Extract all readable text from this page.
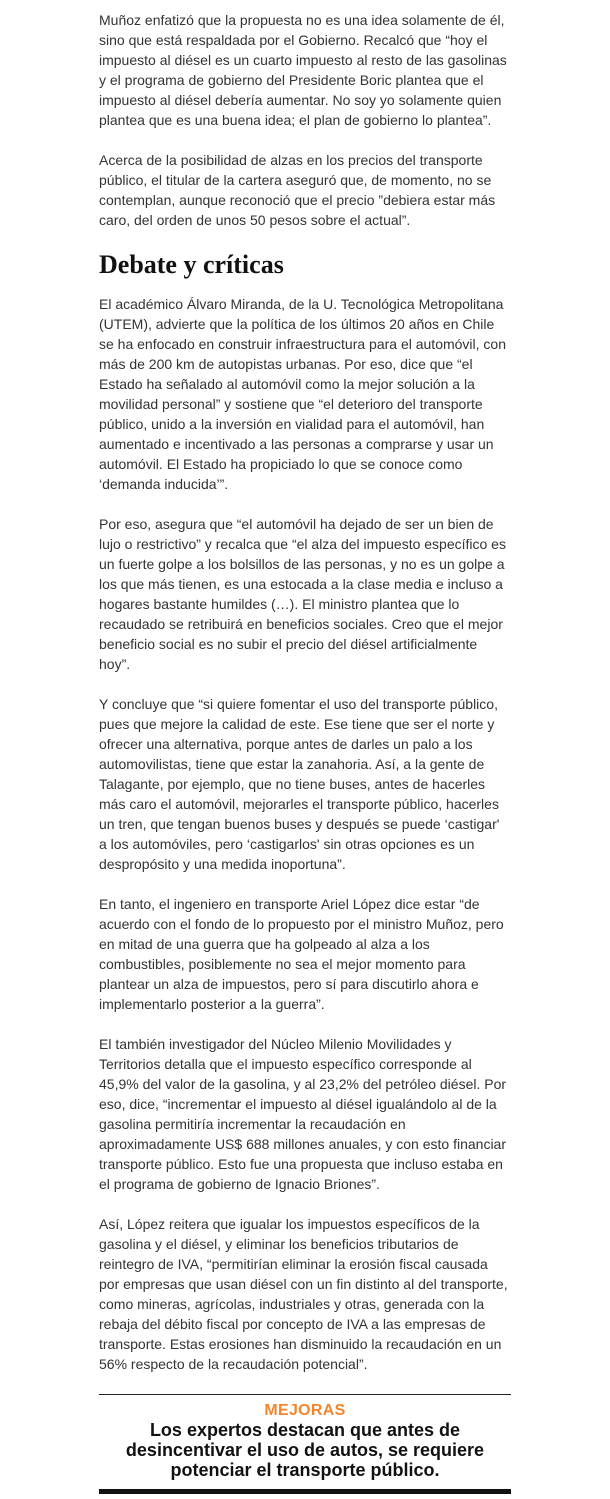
Muñoz enfatizó que la propuesta no es una idea solamente de él, sino que está respaldada por el Gobierno. Recalcó que “hoy el impuesto al diésel es un cuarto impuesto al resto de las gasolinas y el programa de gobierno del Presidente Boric plantea que el impuesto al diésel debería aumentar. No soy yo solamente quien plantea que es una buena idea; el plan de gobierno lo plantea”.

Acerca de la posibilidad de alzas en los precios del transporte público, el titular de la cartera aseguró que, de momento, no se contemplan, aunque reconoció que el precio ”debiera estar más caro, del orden de unos 50 pesos sobre el actual”.

Debate y críticas

El académico Álvaro Miranda, de la U. Tecnológica Metropolitana (UTEM), advierte que la política de los últimos 20 años en Chile se ha enfocado en construir infraestructura para el automóvil, con más de 200 km de autopistas urbanas. Por eso, dice que “el Estado ha señalado al automóvil como la mejor solución a la movilidad personal” y sostiene que “el deterioro del transporte público, unido a la inversión en vialidad para el automóvil, han aumentado e incentivado a las personas a comprarse y usar un automóvil. El Estado ha propiciado lo que se conoce como ‘demanda inducida’”.

Por eso, asegura que “el automóvil ha dejado de ser un bien de lujo o restrictivo” y recalca que “el alza del impuesto específico es un fuerte golpe a los bolsillos de las personas, y no es un golpe a los que más tienen, es una estocada a la clase media e incluso a hogares bastante humildes (…). El ministro plantea que lo recaudado se retribuirá en beneficios sociales. Creo que el mejor beneficio social es no subir el precio del diésel artificialmente hoy”.

Y concluye que “si quiere fomentar el uso del transporte público, pues que mejore la calidad de este. Ese tiene que ser el norte y ofrecer una alternativa, porque antes de darles un palo a los automovilistas, tiene que estar la zanahoria. Así, a la gente de Talagante, por ejemplo, que no tiene buses, antes de hacerles más caro el automóvil, mejorarles el transporte público, hacerles un tren, que tengan buenos buses y después se puede ‘castigar' a los automóviles, pero ‘castigarlos' sin otras opciones es un despropósito y una medida inoportuna”.

En tanto, el ingeniero en transporte Ariel López dice estar “de acuerdo con el fondo de lo propuesto por el ministro Muñoz, pero en mitad de una guerra que ha golpeado al alza a los combustibles, posiblemente no sea el mejor momento para plantear un alza de impuestos, pero sí para discutirlo ahora e implementarlo posterior a la guerra”.

El también investigador del Núcleo Milenio Movilidades y Territorios detalla que el impuesto específico corresponde al 45,9% del valor de la gasolina, y al 23,2% del petróleo diésel. Por eso, dice, “incrementar el impuesto al diésel igualándolo al de la gasolina permitiría incrementar la recaudación en aproximadamente US$ 688 millones anuales, y con esto financiar transporte público. Esto fue una propuesta que incluso estaba en el programa de gobierno de Ignacio Briones”.

Así, López reitera que igualar los impuestos específicos de la gasolina y el diésel, y eliminar los beneficios tributarios de reintegro de IVA, “permitirían eliminar la erosión fiscal causada por empresas que usan diésel con un fin distinto al del transporte, como mineras, agrícolas, industriales y otras, generada con la rebaja del débito fiscal por concepto de IVA a las empresas de transporte. Estas erosiones han disminuido la recaudación en un 56% respecto de la recaudación potencial”.

MEJORAS
Los expertos destacan que antes de desincentivar el uso de autos, se requiere potenciar el transporte público.
